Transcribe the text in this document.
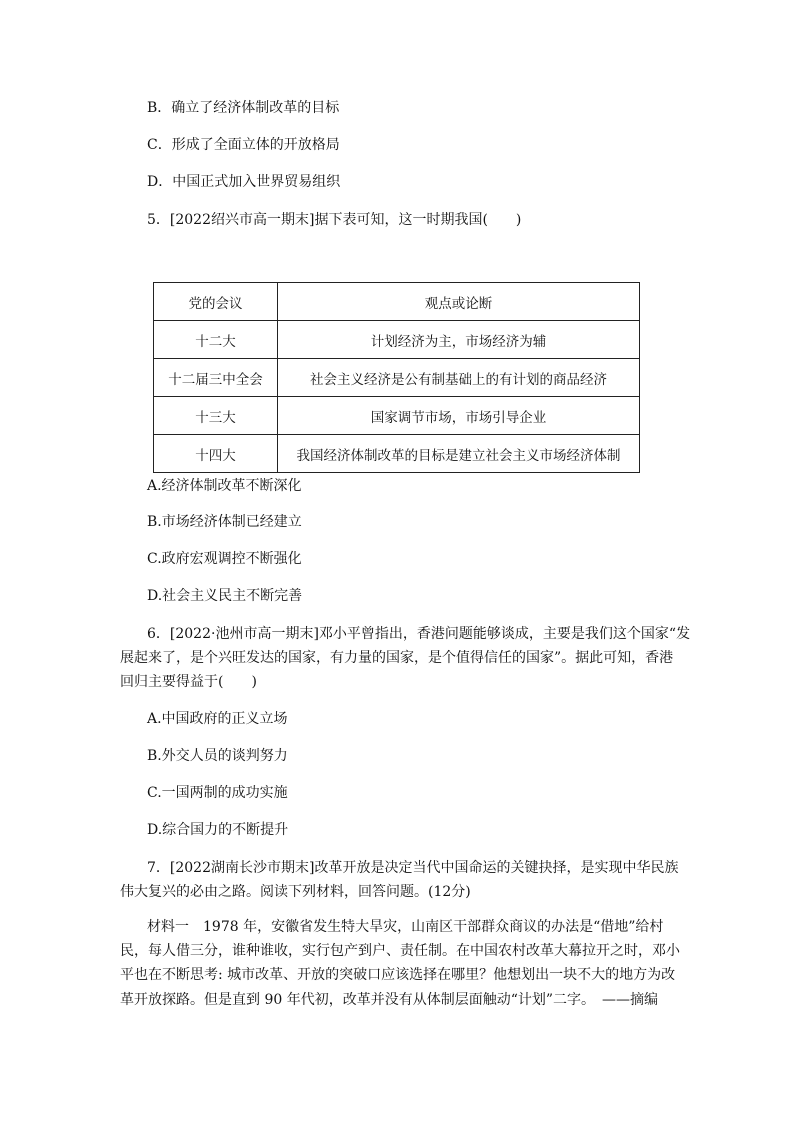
B．确立了经济体制改革的目标
C．形成了全面立体的开放格局
D．中国正式加入世界贸易组织
5．[2022绍兴市高一期末]据下表可知，这一时期我国(　　)
党的会议	观点或论断
十二大	计划经济为主，市场经济为辅
十二届三中全会	社会主义经济是公有制基础上的有计划的商品经济
十三大	国家调节市场，市场引导企业
十四大	我国经济体制改革的目标是建立社会主义市场经济体制
A.经济体制改革不断深化
B.市场经济体制已经建立
C.政府宏观调控不断强化
D.社会主义民主不断完善
6．[2022·池州市高一期末]邓小平曾指出，香港问题能够谈成，主要是我们这个国家“发
展起来了，是个兴旺发达的国家，有力量的国家，是个值得信任的国家”。据此可知，香港
回归主要得益于(　　)
A.中国政府的正义立场
B.外交人员的谈判努力
C.一国两制的成功实施
D.综合国力的不断提升
7．[2022湖南长沙市期末]改革开放是决定当代中国命运的关键抉择，是实现中华民族
伟大复兴的必由之路。阅读下列材料，回答问题。(12分)
材料一　1978 年，安徽省发生特大旱灾，山南区干部群众商议的办法是“借地”给村
民，每人借三分，谁种谁收，实行包产到户、责任制。在中国农村改革大幕拉开之时，邓小
平也在不断思考: 城市改革、开放的突破口应该选择在哪里？他想划出一块不大的地方为改
革开放探路。但是直到 90 年代初，改革并没有从体制层面触动“计划”二字。　——摘编
